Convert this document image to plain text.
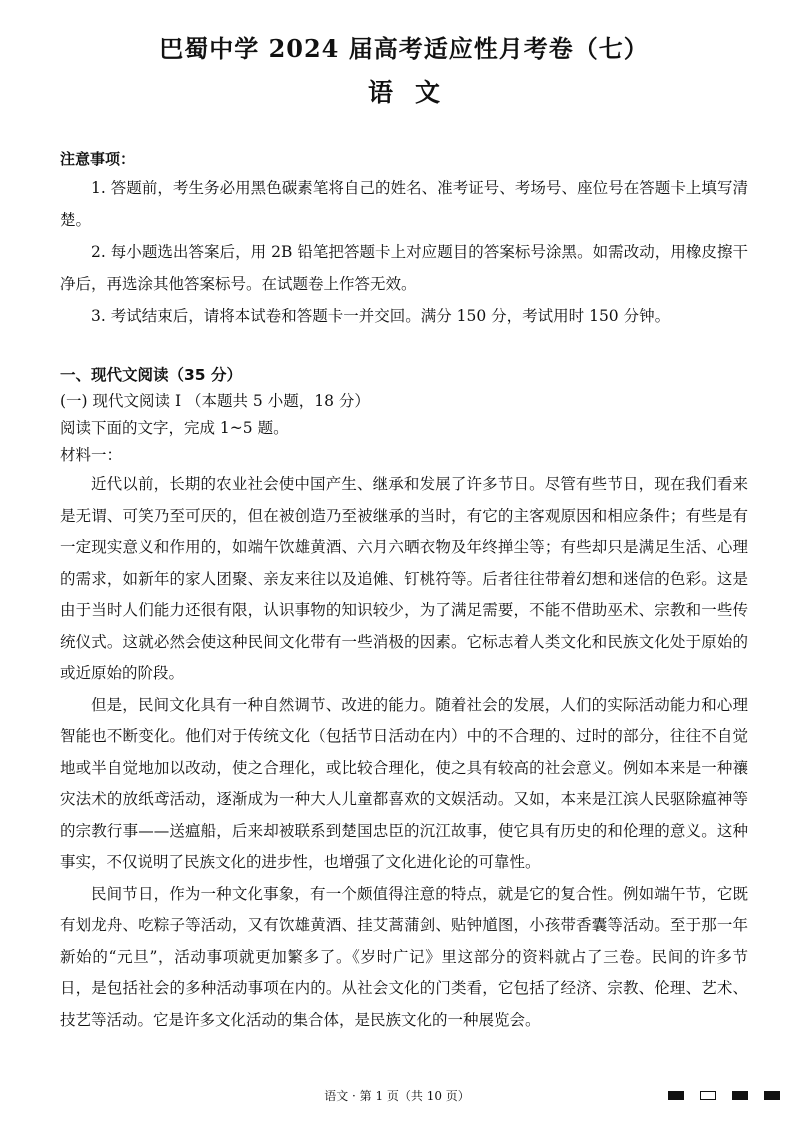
巴蜀中学 2024 届高考适应性月考卷（七）
语文
注意事项：
1. 答题前，考生务必用黑色碳素笔将自己的姓名、准考证号、考场号、座位号在答题卡上填写清楚。
2. 每小题选出答案后，用 2B 铅笔把答题卡上对应题目的答案标号涂黑。如需改动，用橡皮擦干净后，再选涂其他答案标号。在试题卷上作答无效。
3. 考试结束后，请将本试卷和答题卡一并交回。满分 150 分，考试用时 150 分钟。
一、现代文阅读（35 分）
(一) 现代文阅读 I （本题共 5 小题，18 分）
阅读下面的文字，完成 1~5 题。
材料一：

近代以前，长期的农业社会使中国产生、继承和发展了许多节日。尽管有些节日，现在我们看来是无谓、可笑乃至可厌的，但在被创造乃至被继承的当时，有它的主客观原因和相应条件；有些是有一定现实意义和作用的，如端午饮雄黄酒、六月六晒衣物及年终掸尘等；有些却只是满足生活、心理的需求，如新年的家人团聚、亲友来往以及追傩、钉桃符等。后者往往带着幻想和迷信的色彩。这是由于当时人们能力还很有限，认识事物的知识较少，为了满足需要，不能不借助巫术、宗教和一些传统仪式。这就必然会使这种民间文化带有一些消极的因素。它标志着人类文化和民族文化处于原始的或近原始的阶段。

但是，民间文化具有一种自然调节、改进的能力。随着社会的发展，人们的实际活动能力和心理智能也不断变化。他们对于传统文化（包括节日活动在内）中的不合理的、过时的部分，往往不自觉地或半自觉地加以改动，使之合理化，或比较合理化，使之具有较高的社会意义。例如本来是一种禳灾法术的放纸鸢活动，逐渐成为一种大人儿童都喜欢的文娱活动。又如，本来是江滨人民驱除瘟神等的宗教行事——送瘟船，后来却被联系到楚国忠臣的沉江故事，使它具有历史的和伦理的意义。这种事实，不仅说明了民族文化的进步性，也增强了文化进化论的可靠性。

民间节日，作为一种文化事象，有一个颇值得注意的特点，就是它的复合性。例如端午节，它既有划龙舟、吃粽子等活动，又有饮雄黄酒、挂艾蒿蒲剑、贴钟馗图，小孩带香囊等活动。至于那一年新始的“元旦”，活动事项就更加繁多了。《岁时广记》里这部分的资料就占了三卷。民间的许多节日，是包括社会的多种活动事项在内的。从社会文化的门类看，它包括了经济、宗教、伦理、艺术、技艺等活动。它是许多文化活动的集合体，是民族文化的一种展览会。

语文 · 第 1 页（共 10 页）
